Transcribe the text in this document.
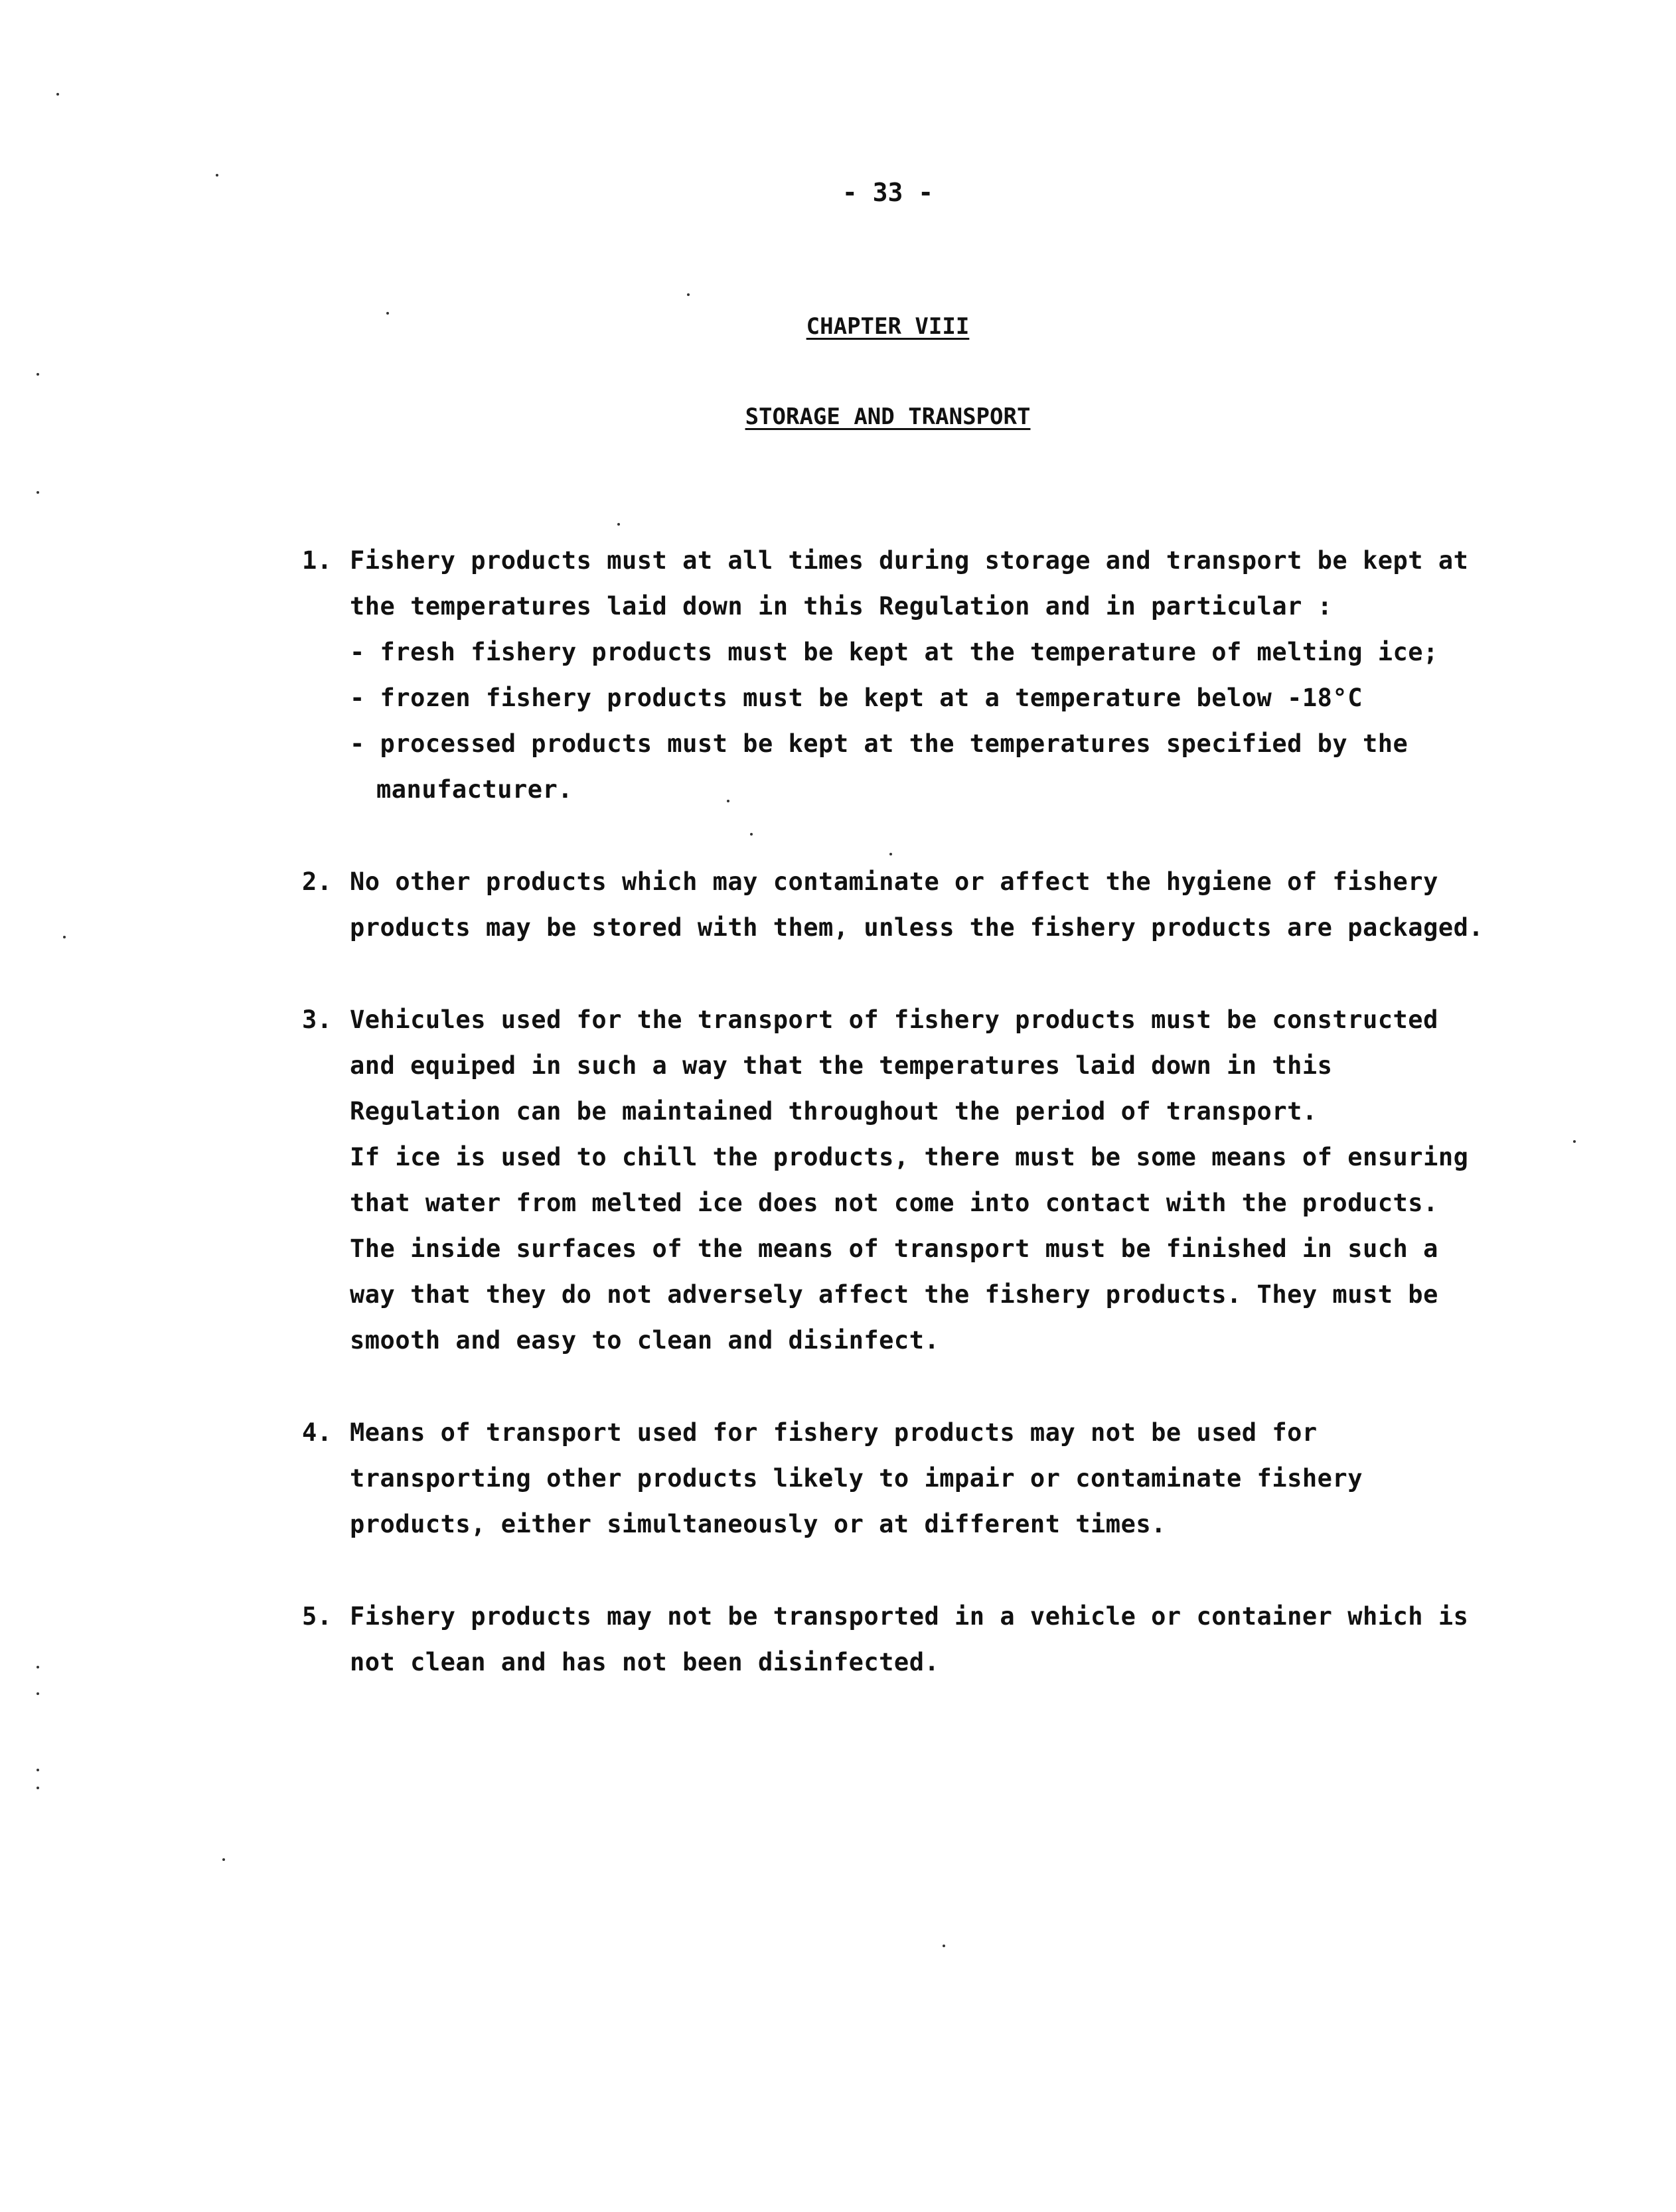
- 33 -
CHAPTER VIII
STORAGE AND TRANSPORT
1. Fishery products must at all times during storage and transport be kept at
the temperatures laid down in this Regulation and in particular :
- fresh fishery products must be kept at the temperature of melting ice;
- frozen fishery products must be kept at a temperature below -18°C
- processed products must be kept at the temperatures specified by the
manufacturer.
2. No other products which may contaminate or affect the hygiene of fishery
products may be stored with them, unless the fishery products are packaged.
3. Vehicules used for the transport of fishery products must be constructed
and equiped in such a way that the temperatures laid down in this
Regulation can be maintained throughout the period of transport.
If ice is used to chill the products, there must be some means of ensuring
that water from melted ice does not come into contact with the products.
The inside surfaces of the means of transport must be finished in such a
way that they do not adversely affect the fishery products. They must be
smooth and easy to clean and disinfect.
4. Means of transport used for fishery products may not be used for
transporting other products likely to impair or contaminate fishery
products, either simultaneously or at different times.
5. Fishery products may not be transported in a vehicle or container which is
not clean and has not been disinfected.
